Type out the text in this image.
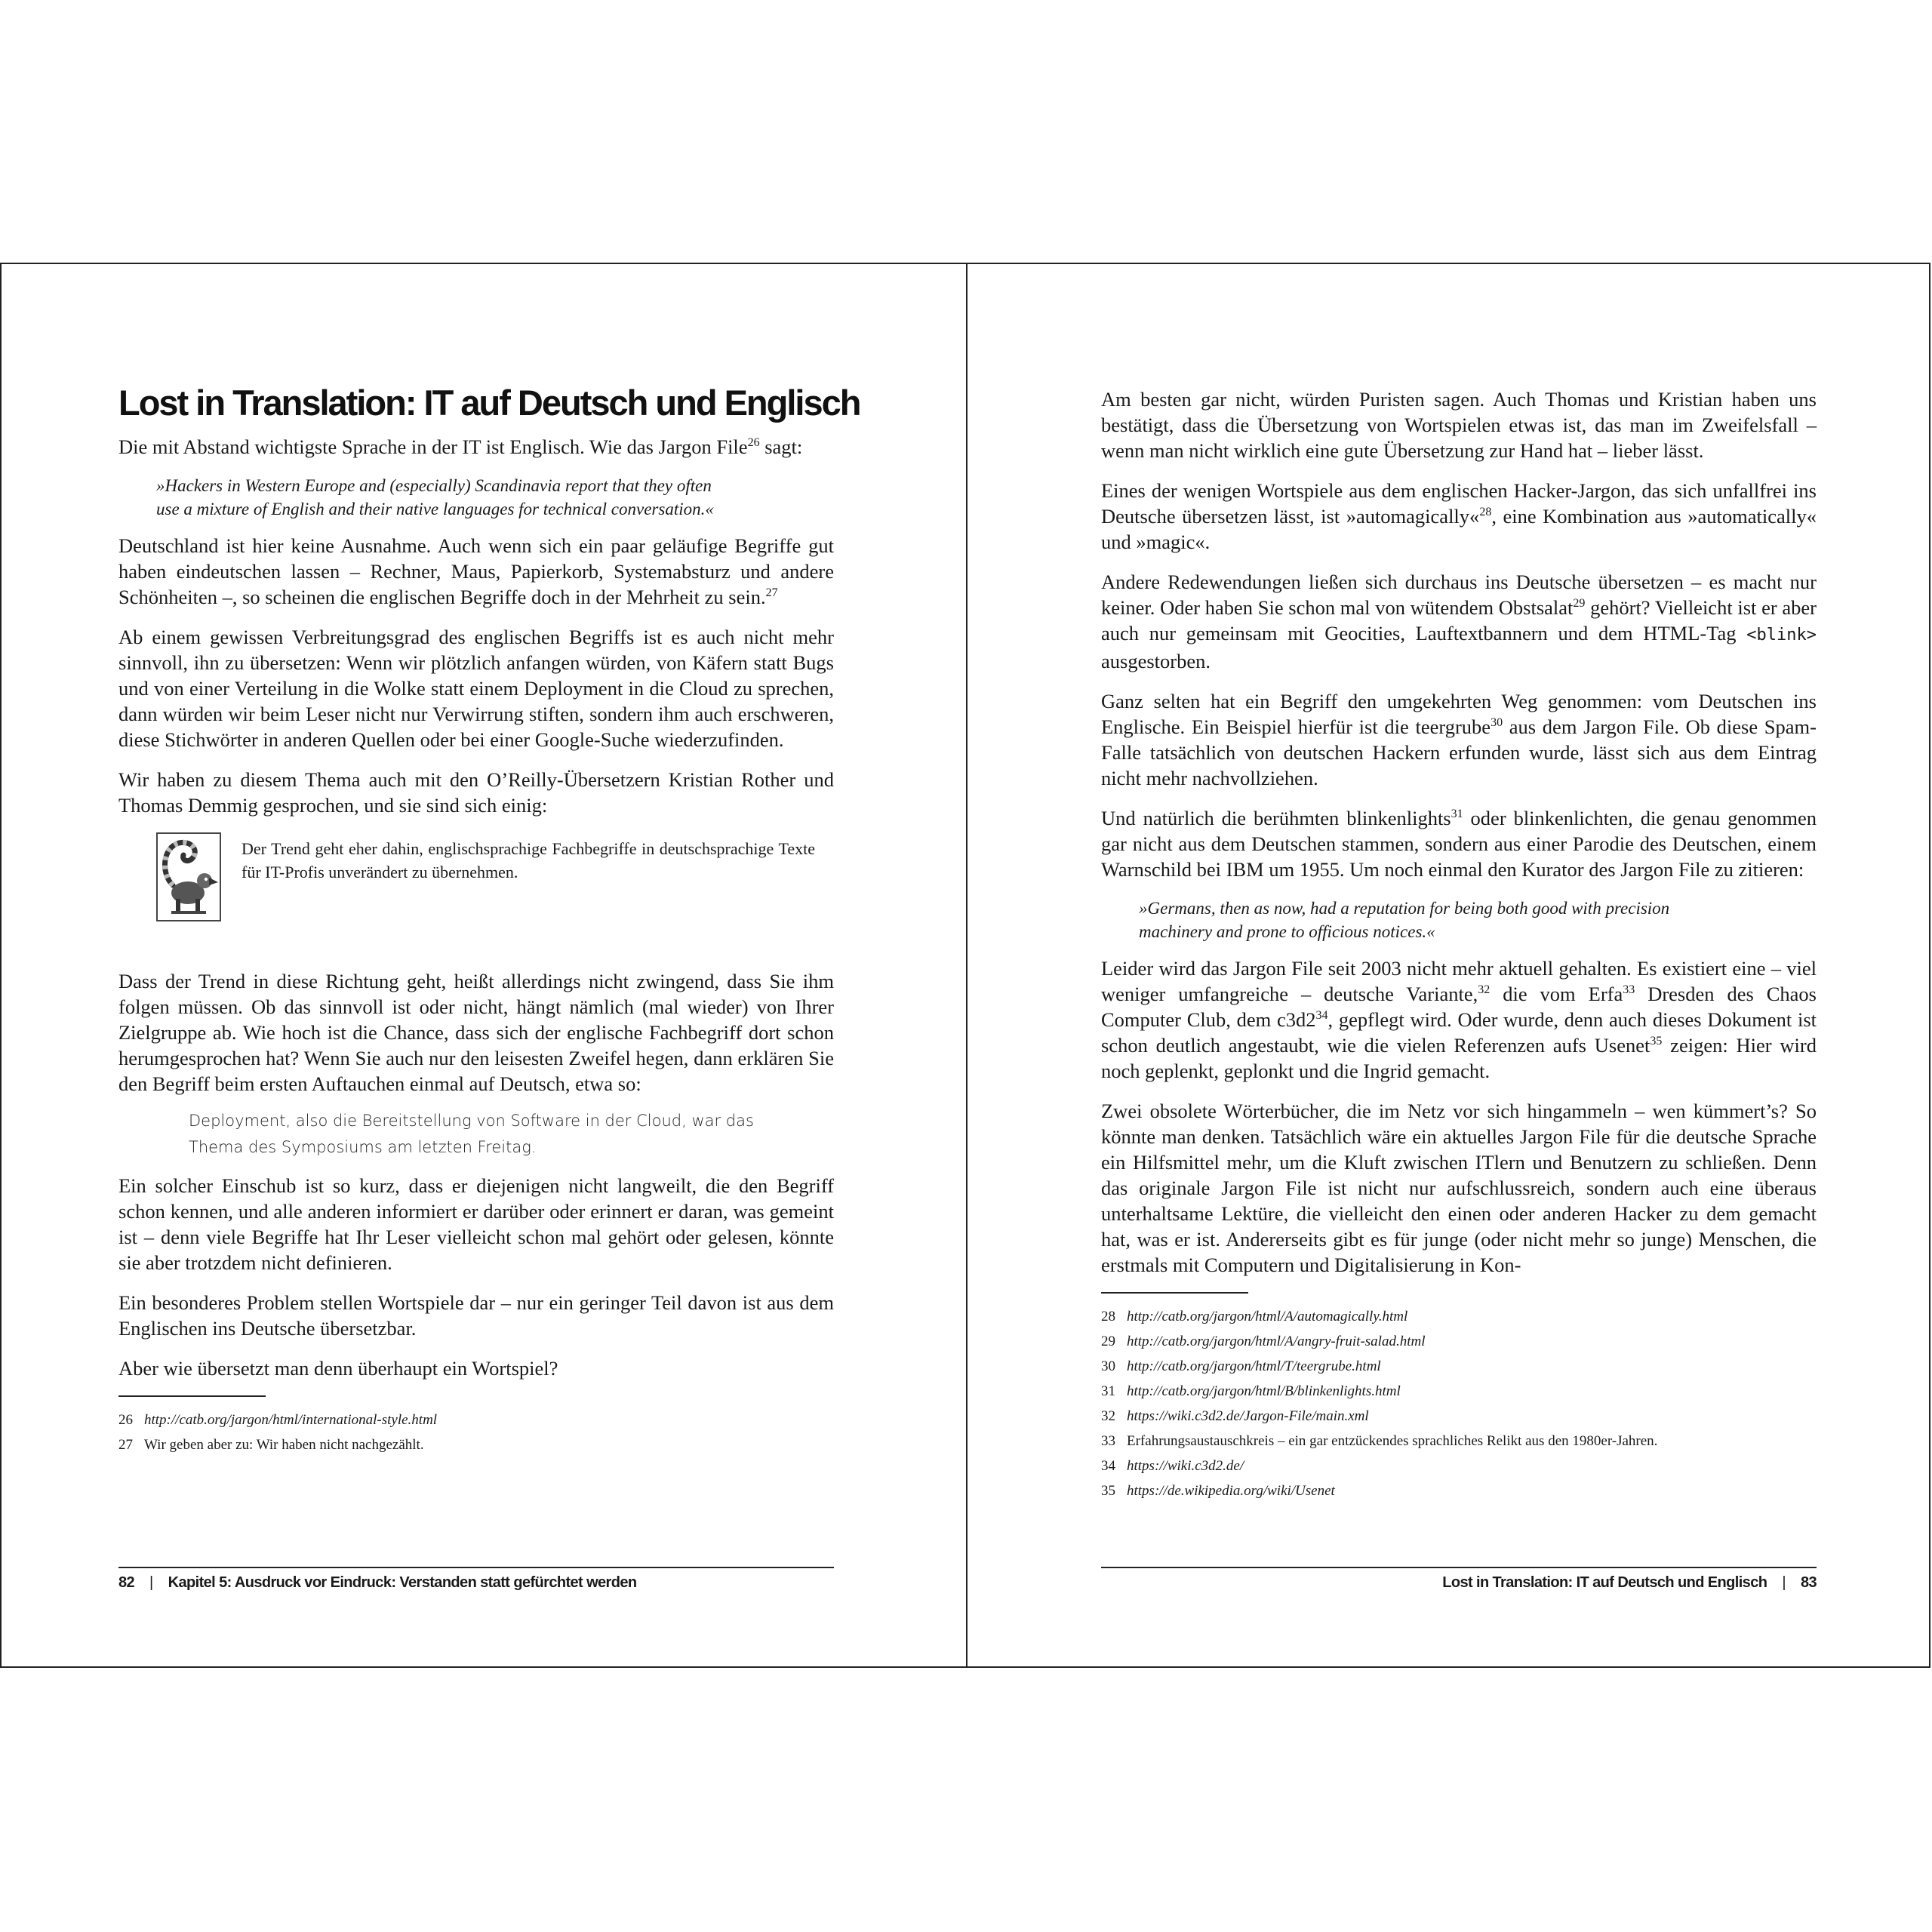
Lost in Translation: IT auf Deutsch und Englisch

Die mit Abstand wichtigste Sprache in der IT ist Englisch. Wie das Jargon File$^{26}$ sagt:

»Hackers in Western Europe and (especially) Scandinavia report that they often
use a mixture of English and their native languages for technical conversation.«

Deutschland ist hier keine Ausnahme. Auch wenn sich ein paar geläufige Begriffe gut haben eindeutschen lassen – Rechner, Maus, Papierkorb, Systemabsturz und andere Schönheiten –, so scheinen die englischen Begriffe doch in der Mehrheit zu sein.$^{27}$

Ab einem gewissen Verbreitungsgrad des englischen Begriffs ist es auch nicht mehr sinnvoll, ihn zu übersetzen: Wenn wir plötzlich anfangen würden, von Käfern statt Bugs und von einer Verteilung in die Wolke statt einem Deployment in die Cloud zu sprechen, dann würden wir beim Leser nicht nur Verwirrung stiften, sondern ihm auch erschweren, diese Stichwörter in anderen Quellen oder bei einer Google-Suche wiederzufinden.

Wir haben zu diesem Thema auch mit den O’Reilly-Übersetzern Kristian Rother und Thomas Demmig gesprochen, und sie sind sich einig:

Der Trend geht eher dahin, englischsprachige Fachbegriffe in deutschsprachige Texte für IT-Profis unverändert zu übernehmen.

Dass der Trend in diese Richtung geht, heißt allerdings nicht zwingend, dass Sie ihm folgen müssen. Ob das sinnvoll ist oder nicht, hängt nämlich (mal wieder) von Ihrer Zielgruppe ab. Wie hoch ist die Chance, dass sich der englische Fachbegriff dort schon herumgesprochen hat? Wenn Sie auch nur den leisesten Zweifel hegen, dann erklären Sie den Begriff beim ersten Auftauchen einmal auf Deutsch, etwa so:

Deployment, also die Bereitstellung von Software in der Cloud, war das
Thema des Symposiums am letzten Freitag.

Ein solcher Einschub ist so kurz, dass er diejenigen nicht langweilt, die den Begriff schon kennen, und alle anderen informiert er darüber oder erinnert er daran, was gemeint ist – denn viele Begriffe hat Ihr Leser vielleicht schon mal gehört oder gelesen, könnte sie aber trotzdem nicht definieren.

Ein besonderes Problem stellen Wortspiele dar – nur ein geringer Teil davon ist aus dem Englischen ins Deutsche übersetzbar.

Aber wie übersetzt man denn überhaupt ein Wortspiel?

26 http://catb.org/jargon/html/international-style.html
27 Wir geben aber zu: Wir haben nicht nachgezählt.
82 | Kapitel 5: Ausdruck vor Eindruck: Verstanden statt gefürchtet werden

Am besten gar nicht, würden Puristen sagen. Auch Thomas und Kristian haben uns bestätigt, dass die Übersetzung von Wortspielen etwas ist, das man im Zweifelsfall – wenn man nicht wirklich eine gute Übersetzung zur Hand hat – lieber lässt.

Eines der wenigen Wortspiele aus dem englischen Hacker-Jargon, das sich unfallfrei ins Deutsche übersetzen lässt, ist »automagically«$^{28}$, eine Kombination aus »automatically« und »magic«.

Andere Redewendungen ließen sich durchaus ins Deutsche übersetzen – es macht nur keiner. Oder haben Sie schon mal von wütendem Obstsalat$^{29}$ gehört? Vielleicht ist er aber auch nur gemeinsam mit Geocities, Lauftextbannern und dem HTML-Tag <blink> ausgestorben.

Ganz selten hat ein Begriff den umgekehrten Weg genommen: vom Deutschen ins Englische. Ein Beispiel hierfür ist die teergrube$^{30}$ aus dem Jargon File. Ob diese Spam-Falle tatsächlich von deutschen Hackern erfunden wurde, lässt sich aus dem Eintrag nicht mehr nachvollziehen.

Und natürlich die berühmten blinkenlights$^{31}$ oder blinkenlichten, die genau genommen gar nicht aus dem Deutschen stammen, sondern aus einer Parodie des Deutschen, einem Warnschild bei IBM um 1955. Um noch einmal den Kurator des Jargon File zu zitieren:

»Germans, then as now, had a reputation for being both good with precision
machinery and prone to officious notices.«

Leider wird das Jargon File seit 2003 nicht mehr aktuell gehalten. Es existiert eine – viel weniger umfangreiche – deutsche Variante,$^{32}$ die vom Erfa$^{33}$ Dresden des Chaos Computer Club, dem $c3d2^{34}$, gepflegt wird. Oder wurde, denn auch dieses Dokument ist schon deutlich angestaubt, wie die vielen Referenzen aufs Usenet$^{35}$ zeigen: Hier wird noch geplenkt, geplonkt und die Ingrid gemacht.

Zwei obsolete Wörterbücher, die im Netz vor sich hingammeln – wen kümmert’s? So könnte man denken. Tatsächlich wäre ein aktuelles Jargon File für die deutsche Sprache ein Hilfsmittel mehr, um die Kluft zwischen ITlern und Benutzern zu schließen. Denn das originale Jargon File ist nicht nur aufschlussreich, sondern auch eine überaus unterhaltsame Lektüre, die vielleicht den einen oder anderen Hacker zu dem gemacht hat, was er ist. Andererseits gibt es für junge (oder nicht mehr so junge) Menschen, die erstmals mit Computern und Digitalisierung in Kon-

28 http://catb.org/jargon/html/A/automagically.html
29 http://catb.org/jargon/html/A/angry-fruit-salad.html
30 http://catb.org/jargon/html/T/teergrube.html
31 http://catb.org/jargon/html/B/blinkenlights.html
32 https://wiki.c3d2.de/Jargon-File/main.xml
33 Erfahrungsaustauschkreis – ein gar entzückendes sprachliches Relikt aus den 1980er-Jahren.
34 https://wiki.c3d2.de/
35 https://de.wikipedia.org/wiki/Usenet
Lost in Translation: IT auf Deutsch und Englisch | 83
